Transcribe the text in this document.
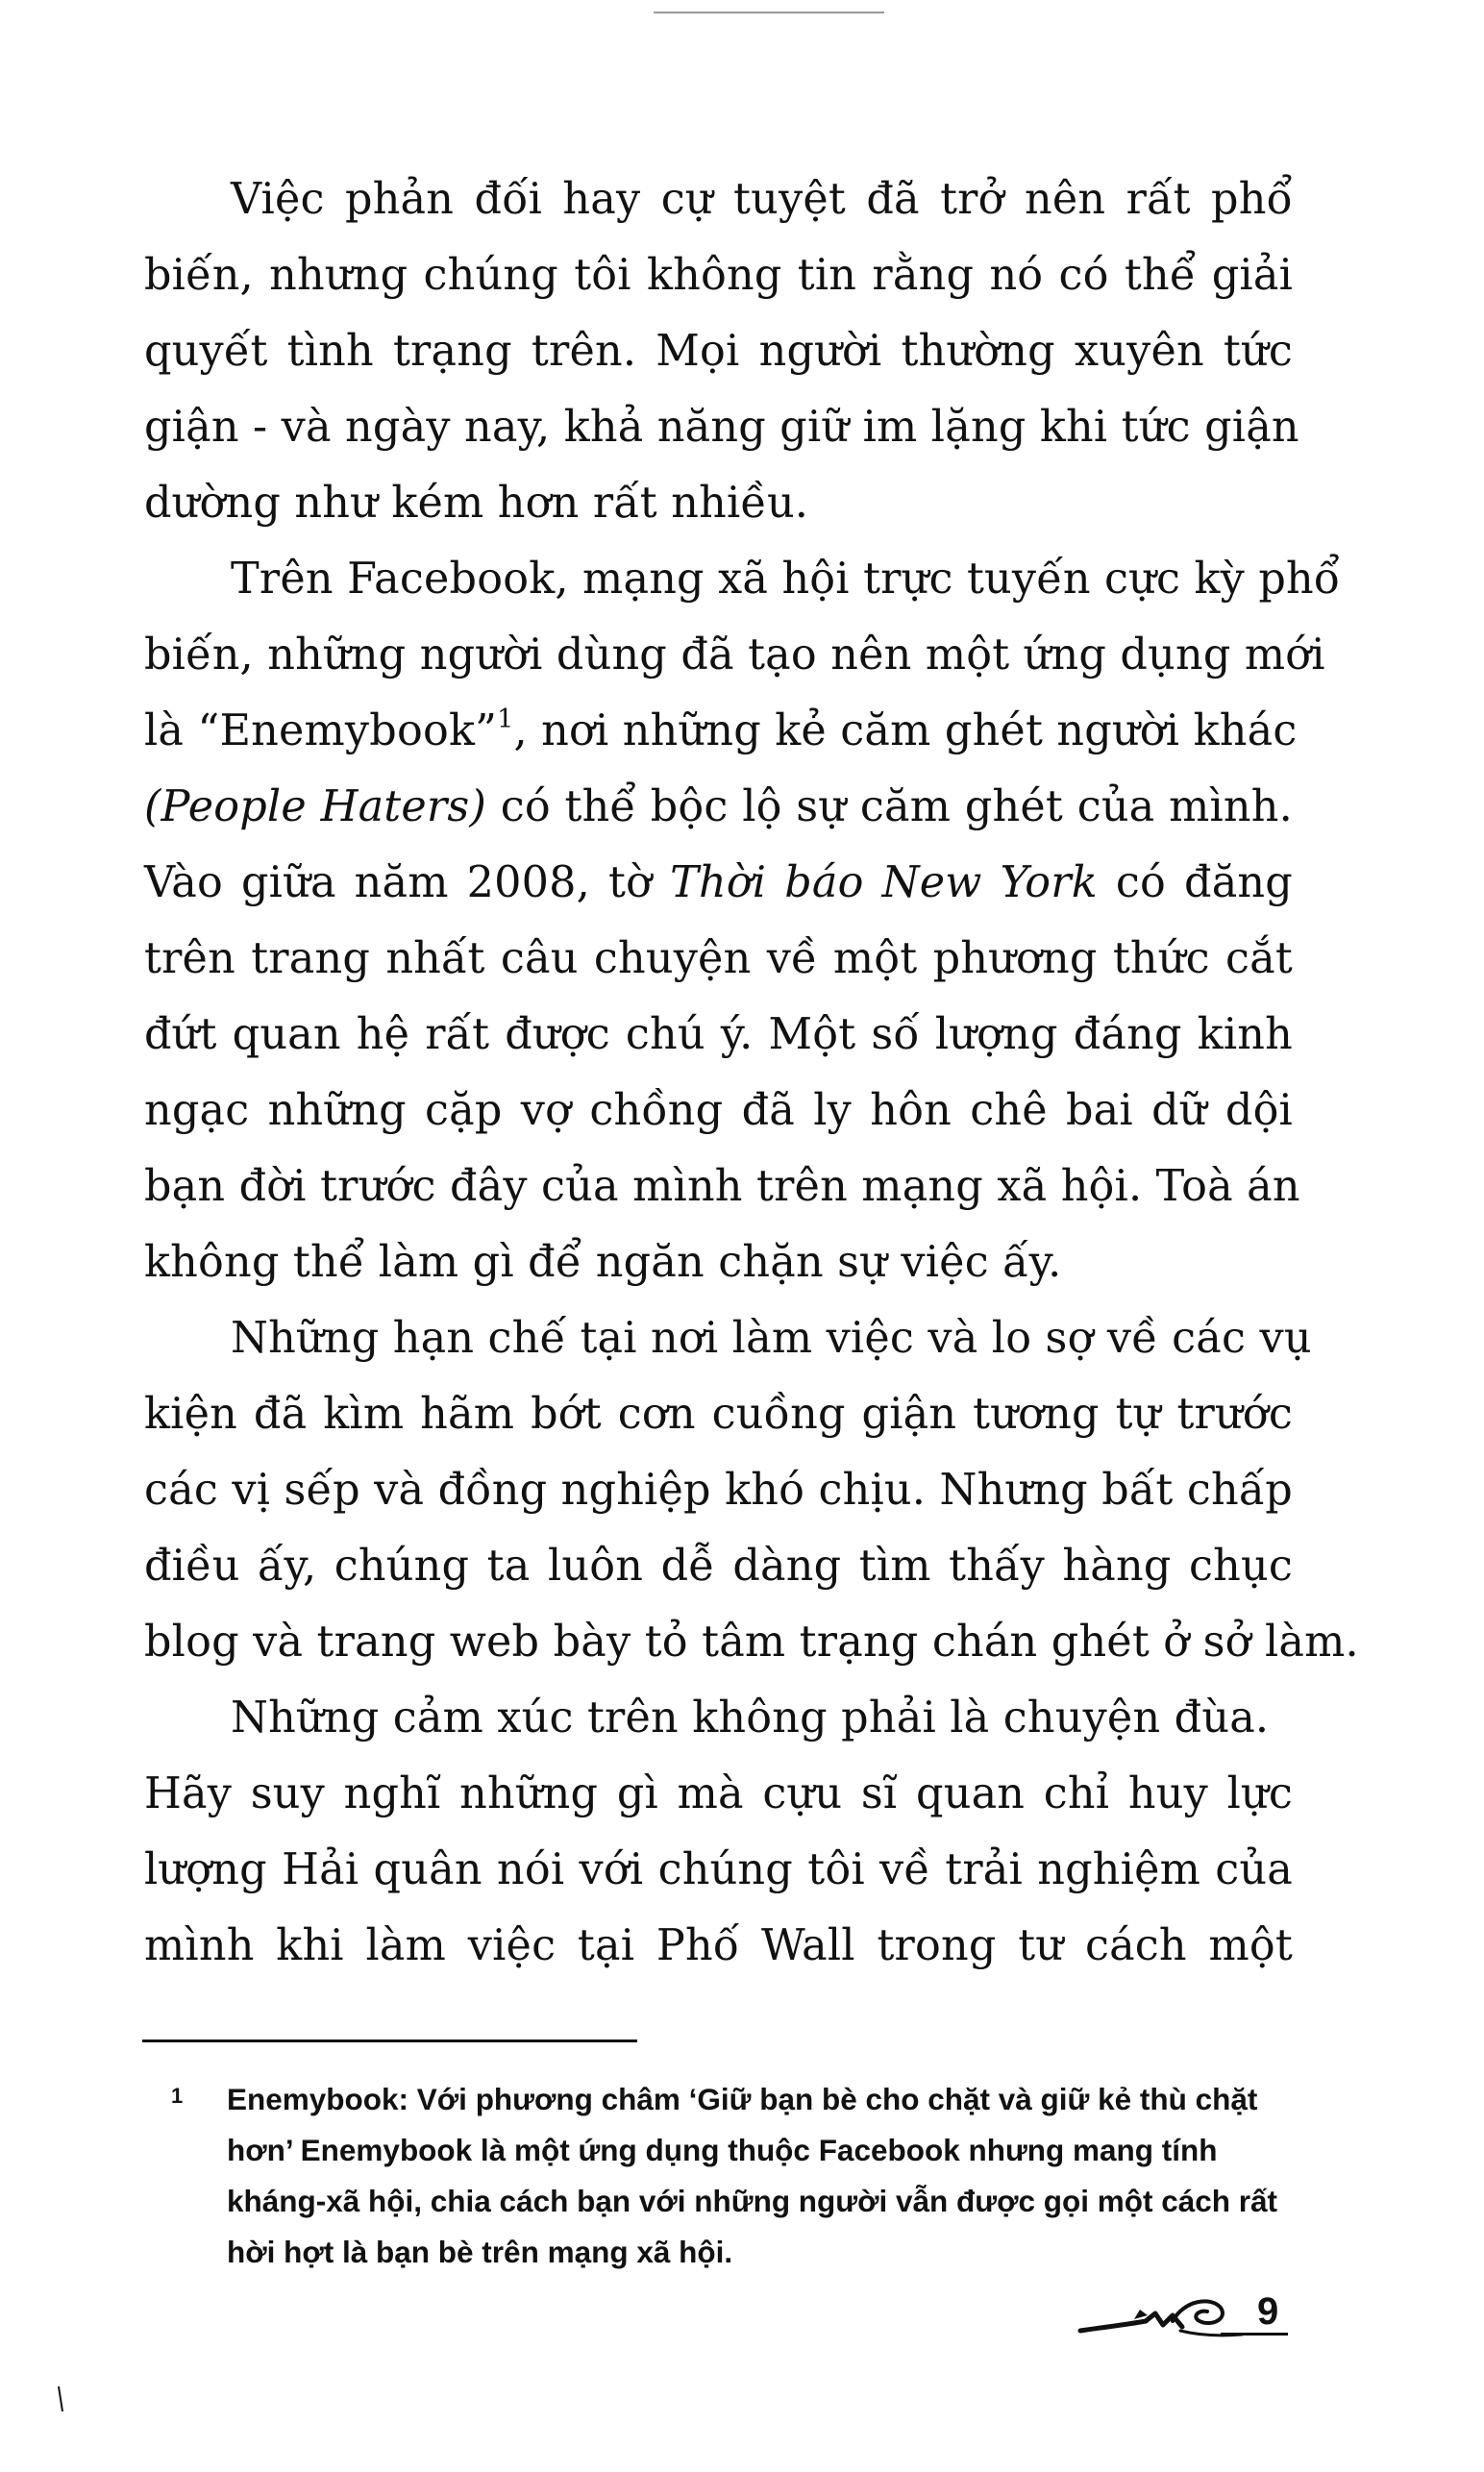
Việc phản đối hay cự tuyệt đã trở nên rất phổ
biến, nhưng chúng tôi không tin rằng nó có thể giải
quyết tình trạng trên. Mọi người thường xuyên tức
giận - và ngày nay, khả năng giữ im lặng khi tức giận
dường như kém hơn rất nhiều.
Trên Facebook, mạng xã hội trực tuyến cực kỳ phổ
biến, những người dùng đã tạo nên một ứng dụng mới
là “Enemybook”$^1$, nơi những kẻ căm ghét người khác
(People Haters) có thể bộc lộ sự căm ghét của mình.
Vào giữa năm 2008, tờ Thời báo New York có đăng
trên trang nhất câu chuyện về một phương thức cắt
đứt quan hệ rất được chú ý. Một số lượng đáng kinh
ngạc những cặp vợ chồng đã ly hôn chê bai dữ dội
bạn đời trước đây của mình trên mạng xã hội. Toà án
không thể làm gì để ngăn chặn sự việc ấy.
Những hạn chế tại nơi làm việc và lo sợ về các vụ
kiện đã kìm hãm bớt cơn cuồng giận tương tự trước
các vị sếp và đồng nghiệp khó chịu. Nhưng bất chấp
điều ấy, chúng ta luôn dễ dàng tìm thấy hàng chục
blog và trang web bày tỏ tâm trạng chán ghét ở sở làm.
Những cảm xúc trên không phải là chuyện đùa.
Hãy suy nghĩ những gì mà cựu sĩ quan chỉ huy lực
lượng Hải quân nói với chúng tôi về trải nghiệm của
mình khi làm việc tại Phố Wall trong tư cách một
1 Enemybook: Với phương châm ‘Giữ bạn bè cho chặt và giữ kẻ thù chặt
hơn’ Enemybook là một ứng dụng thuộc Facebook nhưng mang tính
kháng-xã hội, chia cách bạn với những người vẫn được gọi một cách rất
hời hợt là bạn bè trên mạng xã hội.
9
